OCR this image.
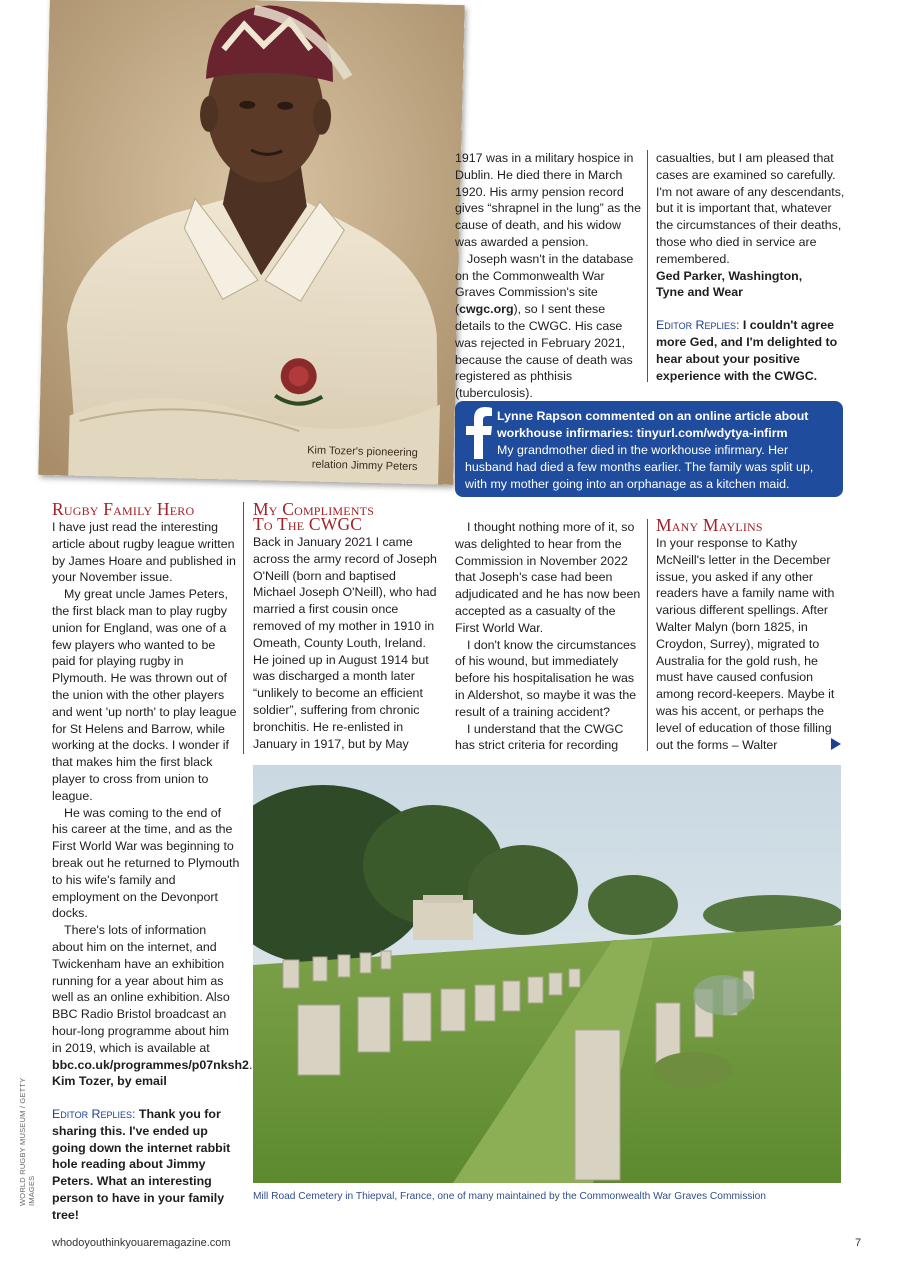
Kim Tozer's pioneering relation Jimmy Peters
Rugby Family Hero

I have just read the interesting article about rugby league written by James Hoare and published in your November issue.

My great uncle James Peters, the first black man to play rugby union for England, was one of a few players who wanted to be paid for playing rugby in Plymouth. He was thrown out of the union with the other players and went 'up north' to play league for St Helens and Barrow, while working at the docks. I wonder if that makes him the first black player to cross from union to league.

He was coming to the end of his career at the time, and as the First World War was beginning to break out he returned to Plymouth to his wife's family and employment on the Devonport docks.

There's lots of information about him on the internet, and Twickenham have an exhibition running for a year about him as well as an online exhibition. Also BBC Radio Bristol broadcast an hour-long programme about him in 2019, which is available at bbc.co.uk/programmes/p07nksh2.

Kim Tozer, by email

Editor Replies: Thank you for sharing this. I've ended up going down the internet rabbit hole reading about Jimmy Peters. What an interesting person to have in your family tree!

My Compliments
To The CWGC

Back in January 2021 I came across the army record of Joseph O'Neill (born and baptised Michael Joseph O'Neill), who had married a first cousin once removed of my mother in 1910 in Omeath, County Louth, Ireland. He joined up in August 1914 but was discharged a month later “unlikely to become an efficient soldier”, suffering from chronic bronchitis. He re-enlisted in January in 1917, but by May

1917 was in a military hospice in Dublin. He died there in March 1920. His army pension record gives “shrapnel in the lung” as the cause of death, and his widow was awarded a pension.

Joseph wasn't in the database on the Commonwealth War Graves Commission's site (cwgc.org), so I sent these details to the CWGC. His case was rejected in February 2021, because the cause of death was registered as phthisis (tuberculosis).

casualties, but I am pleased that cases are examined so carefully. I'm not aware of any descendants, but it is important that, whatever the circumstances of their deaths, those who died in service are remembered.

Ged Parker, Washington,

Tyne and Wear

Editor Replies: I couldn't agree more Ged, and I'm delighted to hear about your positive experience with the CWGC.

Lynne Rapson commented on an online article about workhouse infirmaries: tinyurl.com/wdytya-infirm
My grandmother died in the workhouse infirmary. Her husband had died a few months earlier. The family was split up, with my mother going into an orphanage as a kitchen maid.

I thought nothing more of it, so was delighted to hear from the Commission in November 2022 that Joseph's case had been adjudicated and he has now been accepted as a casualty of the First World War.

I don't know the circumstances of his wound, but immediately before his hospitalisation he was in Aldershot, so maybe it was the result of a training accident?

I understand that the CWGC has strict criteria for recording

Many Maylins

In your response to Kathy McNeill's letter in the December issue, you asked if any other readers have a family name with various different spellings. After Walter Malyn (born 1825, in Croydon, Surrey), migrated to Australia for the gold rush, he must have caused confusion among record-keepers. Maybe it was his accent, or perhaps the level of education of those filling out the forms – Walter

Mill Road Cemetery in Thiepval, France, one of many maintained by the Commonwealth War Graves Commission
WORLD RUGBY MUSEUM / GETTY IMAGES
whodoyouthinkyouaremagazine.com	7
